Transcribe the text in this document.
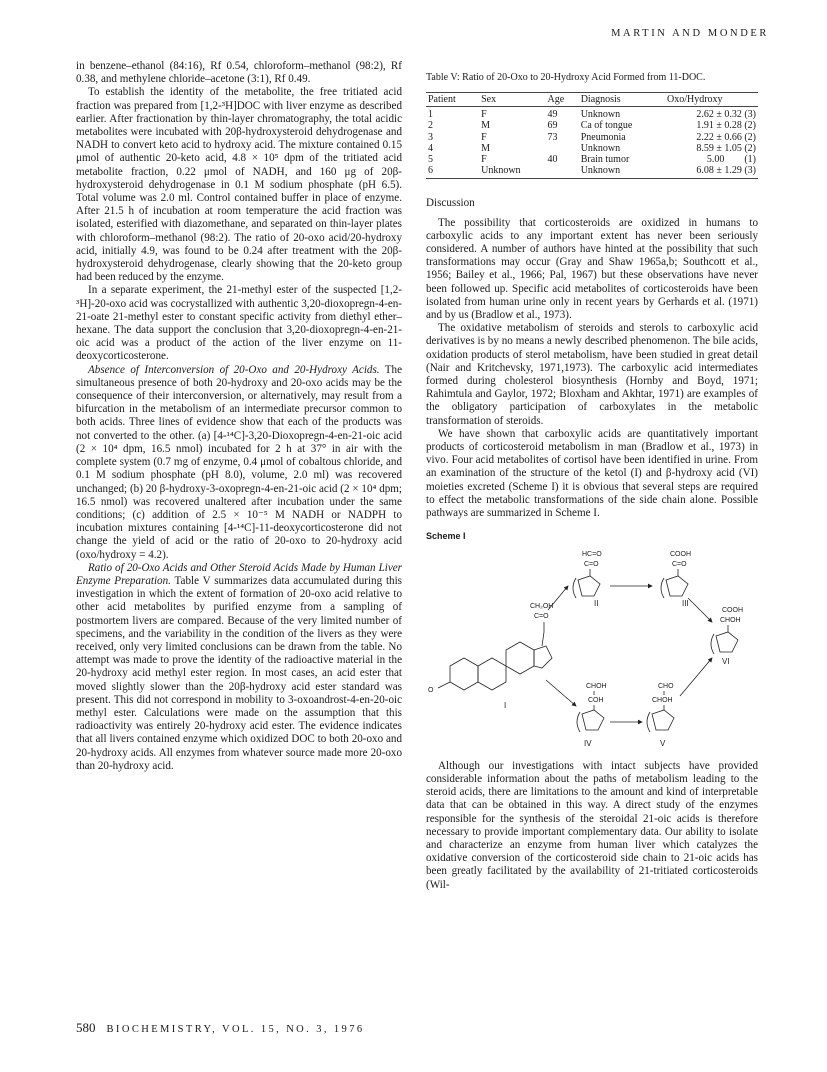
MARTIN AND MONDER

in benzene–ethanol (84:16), Rf 0.54, chloroform–methanol (98:2), Rf 0.38, and methylene chloride–acetone (3:1), Rf 0.49.

To establish the identity of the metabolite, the free tritiated acid fraction was prepared from [1,2-³H]DOC with liver enzyme as described earlier. After fractionation by thin-layer chromatography, the total acidic metabolites were incubated with 20β-hydroxysteroid dehydrogenase and NADH to convert keto acid to hydroxy acid. The mixture contained 0.15 μmol of authentic 20-keto acid, 4.8 × 10⁵ dpm of the tritiated acid metabolite fraction, 0.22 μmol of NADH, and 160 μg of 20β-hydroxysteroid dehydrogenase in 0.1 M sodium phosphate (pH 6.5). Total volume was 2.0 ml. Control contained buffer in place of enzyme. After 21.5 h of incubation at room temperature the acid fraction was isolated, esterified with diazomethane, and separated on thin-layer plates with chloroform–methanol (98:2). The ratio of 20-oxo acid/20-hydroxy acid, initially 4.9, was found to be 0.24 after treatment with the 20β-hydroxysteroid dehydrogenase, clearly showing that the 20-keto group had been reduced by the enzyme.

In a separate experiment, the 21-methyl ester of the suspected [1,2-³H]-20-oxo acid was cocrystallized with authentic 3,20-dioxopregn-4-en-21-oate 21-methyl ester to constant specific activity from diethyl ether–hexane. The data support the conclusion that 3,20-dioxopregn-4-en-21-oic acid was a product of the action of the liver enzyme on 11-deoxycorticosterone.

Absence of Interconversion of 20-Oxo and 20-Hydroxy Acids. The simultaneous presence of both 20-hydroxy and 20-oxo acids may be the consequence of their interconversion, or alternatively, may result from a bifurcation in the metabolism of an intermediate precursor common to both acids. Three lines of evidence show that each of the products was not converted to the other. (a) [4-¹⁴C]-3,20-Dioxopregn-4-en-21-oic acid (2 × 10⁴ dpm, 16.5 nmol) incubated for 2 h at 37° in air with the complete system (0.7 mg of enzyme, 0.4 μmol of cobaltous chloride, and 0.1 M sodium phosphate (pH 8.0), volume, 2.0 ml) was recovered unchanged; (b) 20 β-hydroxy-3-oxopregn-4-en-21-oic acid (2 × 10⁴ dpm; 16.5 nmol) was recovered unaltered after incubation under the same conditions; (c) addition of 2.5 × 10⁻⁵ M NADH or NADPH to incubation mixtures containing [4-¹⁴C]-11-deoxycorticosterone did not change the yield of acid or the ratio of 20-oxo to 20-hydroxy acid (oxo/hydroxy = 4.2).

Ratio of 20-Oxo Acids and Other Steroid Acids Made by Human Liver Enzyme Preparation. Table V summarizes data accumulated during this investigation in which the extent of formation of 20-oxo acid relative to other acid metabolites by purified enzyme from a sampling of postmortem livers are compared. Because of the very limited number of specimens, and the variability in the condition of the livers as they were received, only very limited conclusions can be drawn from the table. No attempt was made to prove the identity of the radioactive material in the 20-hydroxy acid methyl ester region. In most cases, an acid ester that moved slightly slower than the 20β-hydroxy acid ester standard was present. This did not correspond in mobility to 3-oxoandrost-4-en-20-oic methyl ester. Calculations were made on the assumption that this radioactivity was entirely 20-hydroxy acid ester. The evidence indicates that all livers contained enzyme which oxidized DOC to both 20-oxo and 20-hydroxy acids. All enzymes from whatever source made more 20-oxo than 20-hydroxy acid.

Table V: Ratio of 20-Oxo to 20-Hydroxy Acid Formed from 11-DOC.
Patient	Sex	Age	Diagnosis	Oxo/Hydroxy
1	F	49	Unknown	2.62 ± 0.32 (3)
2	M	69	Ca of tongue	1.91 ± 0.28 (2)
3	F	73	Pneumonia	2.22 ± 0.66 (2)
4	M		Unknown	8.59 ± 1.05 (2)
5	F	40	Brain tumor	5.00        (1)
6	Unknown		Unknown	6.08 ± 1.29 (3)

Discussion

The possibility that corticosteroids are oxidized in humans to carboxylic acids to any important extent has never been seriously considered. A number of authors have hinted at the possibility that such transformations may occur (Gray and Shaw 1965a,b; Southcott et al., 1956; Bailey et al., 1966; Pal, 1967) but these observations have never been followed up. Specific acid metabolites of corticosteroids have been isolated from human urine only in recent years by Gerhards et al. (1971) and by us (Bradlow et al., 1973).

The oxidative metabolism of steroids and sterols to carboxylic acid derivatives is by no means a newly described phenomenon. The bile acids, oxidation products of sterol metabolism, have been studied in great detail (Nair and Kritchevsky, 1971,1973). The carboxylic acid intermediates formed during cholesterol biosynthesis (Hornby and Boyd, 1971; Rahimtula and Gaylor, 1972; Bloxham and Akhtar, 1971) are examples of the obligatory participation of carboxylates in the metabolic transformation of steroids.

We have shown that carboxylic acids are quantitatively important products of corticosteroid metabolism in man (Bradlow et al., 1973) in vivo. Four acid metabolites of cortisol have been identified in urine. From an examination of the structure of the ketol (I) and β-hydroxy acid (VI) moieties excreted (Scheme I) it is obvious that several steps are required to effect the metabolic transformations of the side chain alone. Possible pathways are summarized in Scheme I.

Scheme I
O
CH₂OH
C=O
I
HC=O
C=O
II
COOH
C=O
III
COOH
CHOH
VI
CHOH
COH
IV
CHO
CHOH
V

Although our investigations with intact subjects have provided considerable information about the paths of metabolism leading to the steroid acids, there are limitations to the amount and kind of interpretable data that can be obtained in this way. A direct study of the enzymes responsible for the synthesis of the steroidal 21-oic acids is therefore necessary to provide important complementary data. Our ability to isolate and characterize an enzyme from human liver which catalyzes the oxidative conversion of the corticosteroid side chain to 21-oic acids has been greatly facilitated by the availability of 21-tritiated corticosteroids (Wil-

580 BIOCHEMISTRY, VOL. 15, NO. 3, 1976
